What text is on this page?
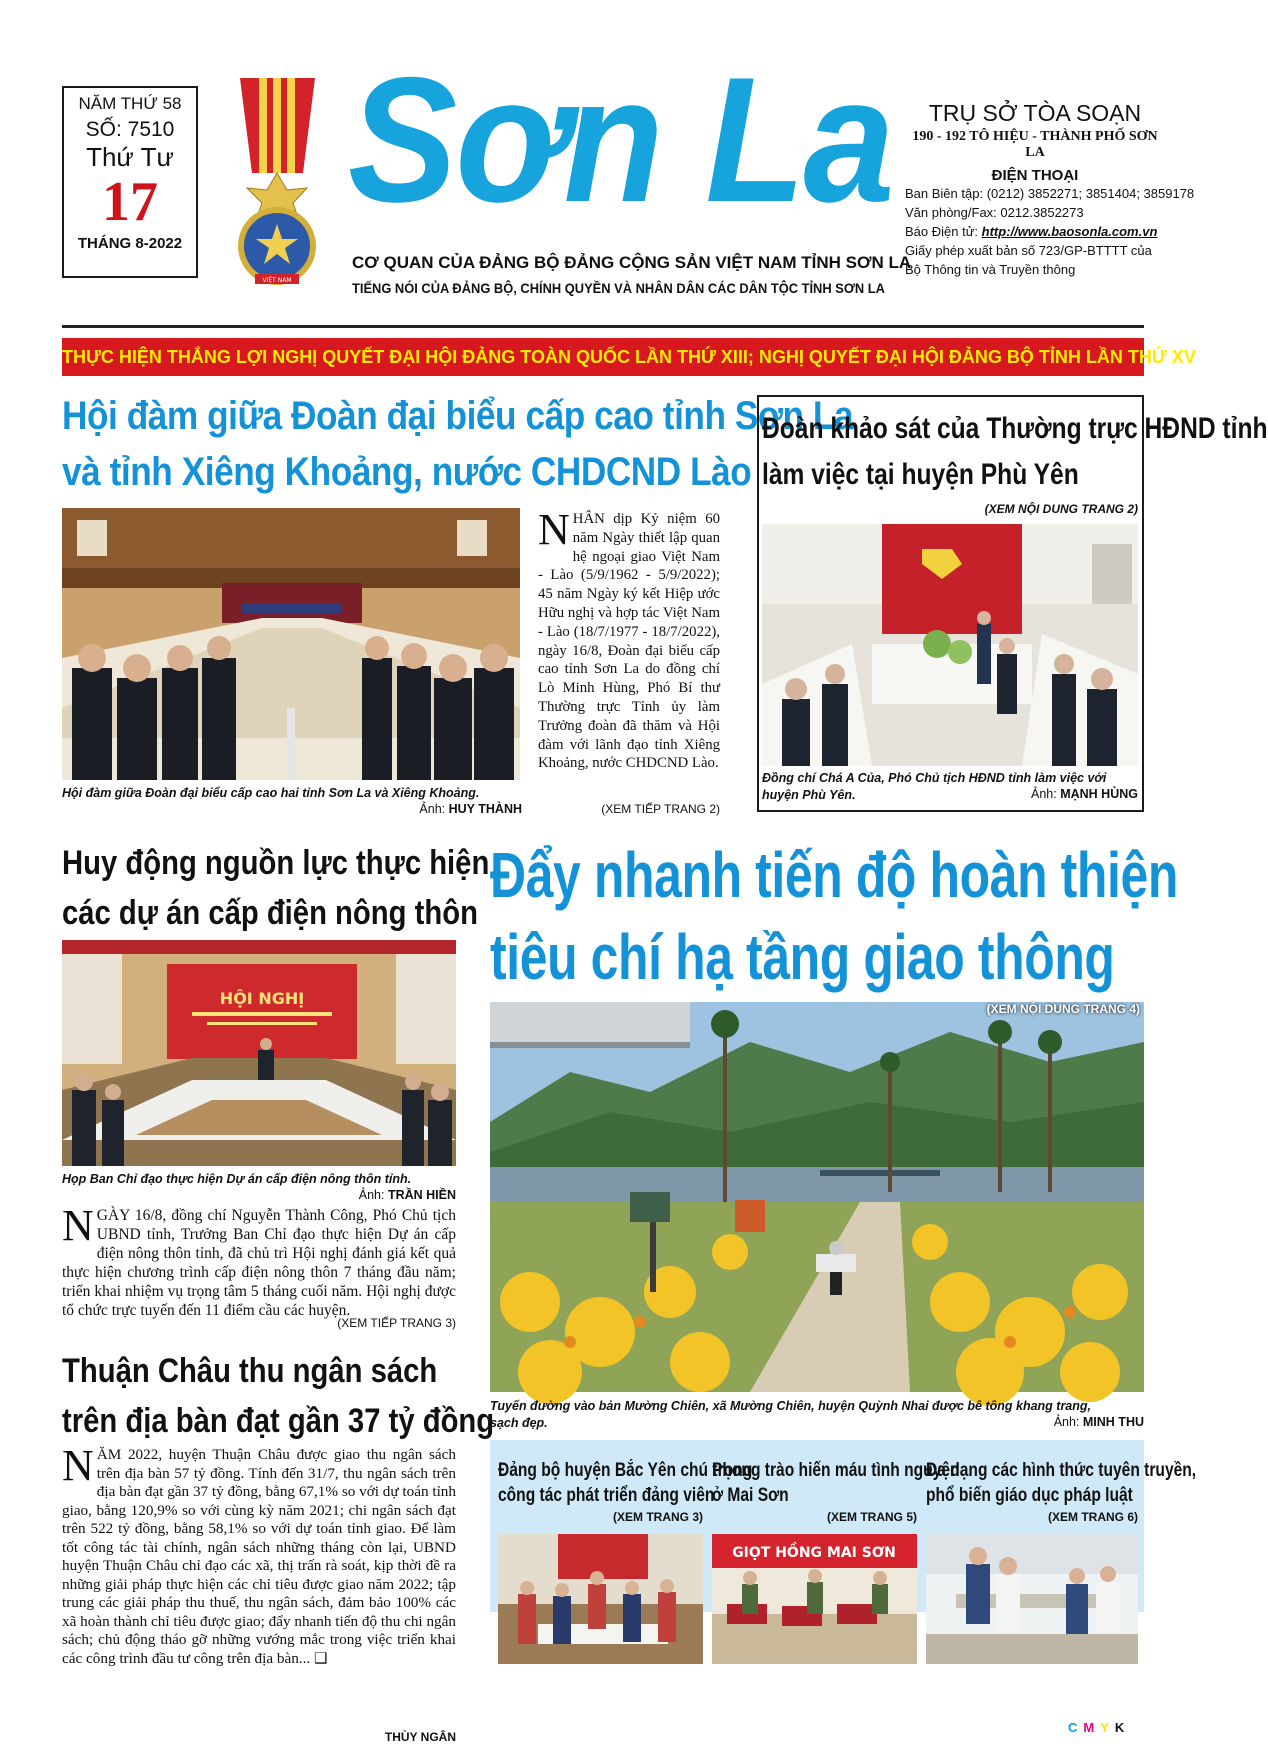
NĂM THỨ 58
SỐ: 7510
Thứ Tư
17
THÁNG 8-2022
VIỆT NAM
Sơn La
CƠ QUAN CỦA ĐẢNG BỘ ĐẢNG CỘNG SẢN VIỆT NAM TỈNH SƠN LA
TIẾNG NÓI CỦA ĐẢNG BỘ, CHÍNH QUYỀN VÀ NHÂN DÂN CÁC DÂN TỘC TỈNH SƠN LA
TRỤ SỞ TÒA SOẠN
190 - 192 TÔ HIỆU - THÀNH PHỐ SƠN LA
ĐIỆN THOẠI
Ban Biên tập: (0212) 3852271; 3851404; 3859178
Văn phòng/Fax: 0212.3852273
Báo Điện tử: http://www.baosonla.com.vn
Giấy phép xuất bản số 723/GP-BTTTT của
Bộ Thông tin và Truyền thông
THỰC HIỆN THẮNG LỢI NGHỊ QUYẾT ĐẠI HỘI ĐẢNG TOÀN QUỐC LẦN THỨ XIII; NGHỊ QUYẾT ĐẠI HỘI ĐẢNG BỘ TỈNH LẦN THỨ XV
Hội đàm giữa Đoàn đại biểu cấp cao tỉnh Sơn La
và tỉnh Xiêng Khoảng, nước CHDCND Lào
Hội đàm giữa Đoàn đại biểu cấp cao hai tỉnh Sơn La và Xiêng Khoảng.
Ảnh: HUY THÀNH
NHÂN dịp Kỷ niệm 60 năm Ngày thiết lập quan hệ ngoại giao Việt Nam - Lào (5/9/1962 - 5/9/2022); 45 năm Ngày ký kết Hiệp ước Hữu nghị và hợp tác Việt Nam - Lào (18/7/1977 - 18/7/2022), ngày 16/8, Đoàn đại biểu cấp cao tỉnh Sơn La do đồng chí Lò Minh Hùng, Phó Bí thư Thường trực Tỉnh ủy làm Trưởng đoàn đã thăm và Hội đàm với lãnh đạo tỉnh Xiêng Khoảng, nước CHDCND Lào.
(XEM TIẾP TRANG 2)
Đoàn khảo sát của Thường trực HĐND tỉnh
làm việc tại huyện Phù Yên
(XEM NỘI DUNG TRANG 2)
Đồng chí Chá A Của, Phó Chủ tịch HĐND tỉnh làm việc với
huyện Phù Yên.	Ảnh: MẠNH HÙNG
Huy động nguồn lực thực hiện
các dự án cấp điện nông thôn
HỘI NGHỊ
Họp Ban Chỉ đạo thực hiện Dự án cấp điện nông thôn tỉnh.
Ảnh: TRẦN HIỀN
NGÀY 16/8, đồng chí Nguyễn Thành Công, Phó Chủ tịch UBND tỉnh, Trưởng Ban Chỉ đạo thực hiện Dự án cấp điện nông thôn tỉnh, đã chủ trì Hội nghị đánh giá kết quả thực hiện chương trình cấp điện nông thôn 7 tháng đầu năm; triển khai nhiệm vụ trọng tâm 5 tháng cuối năm. Hội nghị được tổ chức trực tuyến đến 11 điểm cầu các huyện.
(XEM TIẾP TRANG 3)
Đẩy nhanh tiến độ hoàn thiện
tiêu chí hạ tầng giao thông
(XEM NỘI DUNG TRANG 4)
Tuyến đường vào bản Mường Chiên, xã Mường Chiên, huyện Quỳnh Nhai được bê tông khang trang,
sạch đẹp.	Ảnh: MINH THU
Thuận Châu thu ngân sách
trên địa bàn đạt gần 37 tỷ đồng
NĂM 2022, huyện Thuận Châu được giao thu ngân sách trên địa bàn 57 tỷ đồng. Tính đến 31/7, thu ngân sách trên địa bàn đạt gần 37 tỷ đồng, bằng 67,1% so với dự toán tỉnh giao, bằng 120,9% so với cùng kỳ năm 2021; chi ngân sách đạt trên 522 tỷ đồng, bằng 58,1% so với dự toán tỉnh giao. Để làm tốt công tác tài chính, ngân sách những tháng còn lại, UBND huyện Thuận Châu chỉ đạo các xã, thị trấn rà soát, kịp thời đề ra những giải pháp thực hiện các chỉ tiêu được giao năm 2022; tập trung các giải pháp thu thuế, thu ngân sách, đảm bảo 100% các xã hoàn thành chỉ tiêu được giao; đẩy nhanh tiến độ thu chi ngân sách; chủ động tháo gỡ những vướng mắc trong việc triển khai các công trình đầu tư công trên địa bàn... ❑
THÙY NGÂN
Đảng bộ huyện Bắc Yên chú trọng
công tác phát triển đảng viên
(XEM TRANG 3)
Phong trào hiến máu tình nguyện
ở Mai Sơn
(XEM TRANG 5)
Đa dạng các hình thức tuyên truyền,
phổ biến giáo dục pháp luật
(XEM TRANG 6)
GIỌT HỒNG MAI SƠN
CMYK
